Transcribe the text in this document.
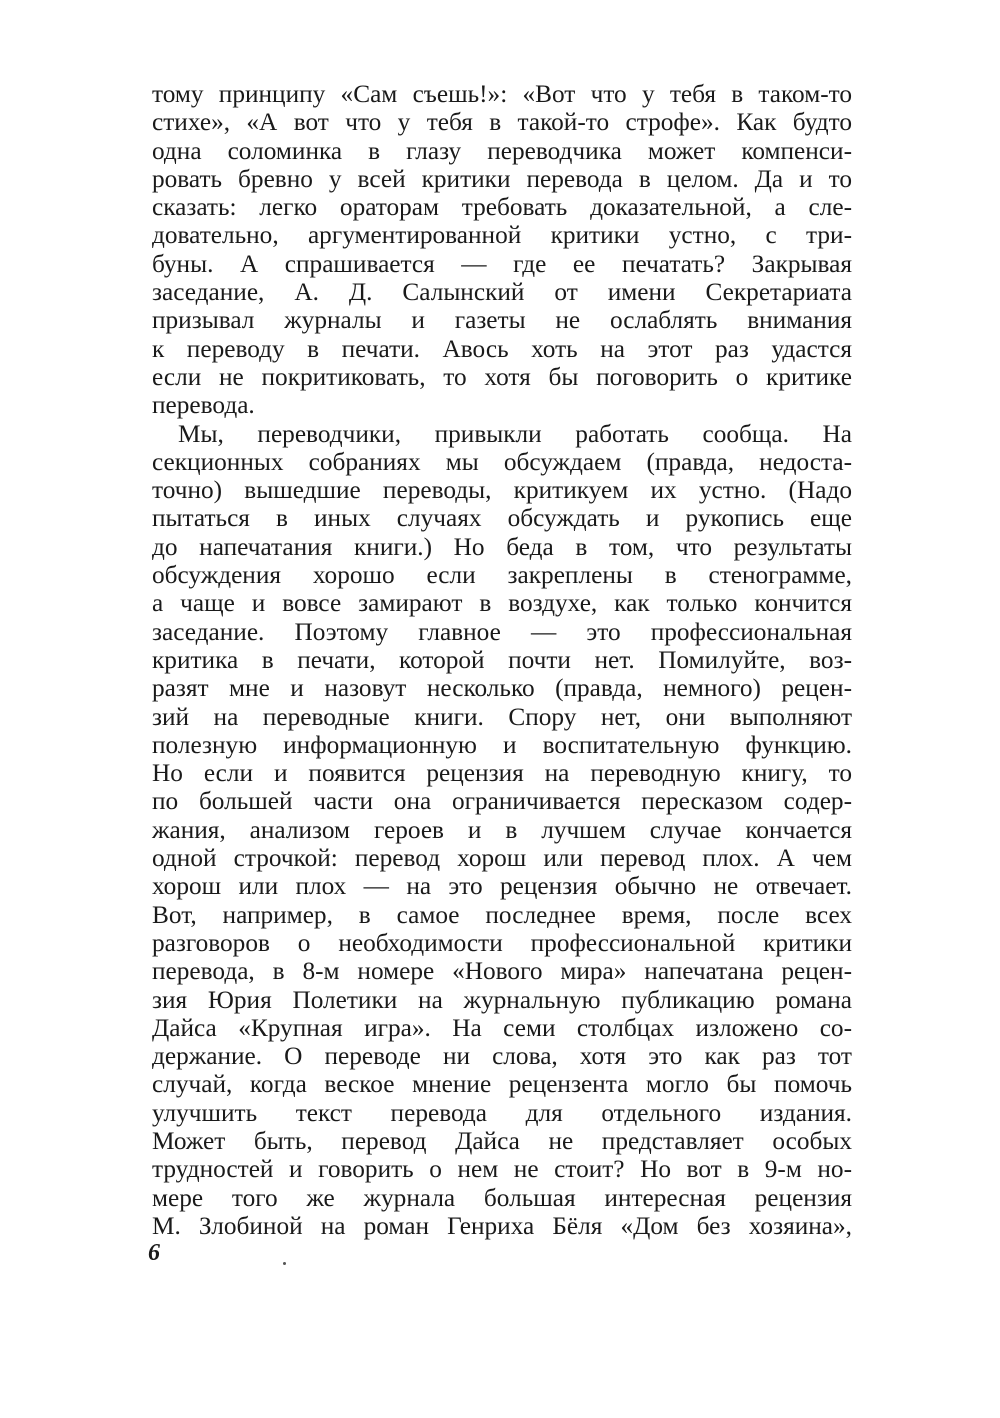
тому принципу «Сам съешь!»: «Вот что у тебя в таком-то
стихе», «А вот что у тебя в такой-то строфе». Как будто
одна соломинка в глазу переводчика может компенси-
ровать бревно у всей критики перевода в целом. Да и то
сказать: легко ораторам требовать доказательной, а сле-
довательно, аргументированной критики устно, с три-
буны. А спрашивается — где ее печатать? Закрывая
заседание, А. Д. Салынский от имени Секретариата
призывал журналы и газеты не ослаблять внимания
к переводу в печати. Авось хоть на этот раз удастся
если не покритиковать, то хотя бы поговорить о критике
перевода.
Мы, переводчики, привыкли работать сообща. На
секционных собраниях мы обсуждаем (правда, недоста-
точно) вышедшие переводы, критикуем их устно. (Надо
пытаться в иных случаях обсуждать и рукопись еще
до напечатания книги.) Но беда в том, что результаты
обсуждения хорошо если закреплены в стенограмме,
а чаще и вовсе замирают в воздухе, как только кончится
заседание. Поэтому главное — это профессиональная
критика в печати, которой почти нет. Помилуйте, воз-
разят мне и назовут несколько (правда, немного) рецен-
зий на переводные книги. Спору нет, они выполняют
полезную информационную и воспитательную функцию.
Но если и появится рецензия на переводную книгу, то
по большей части она ограничивается пересказом содер-
жания, анализом героев и в лучшем случае кончается
одной строчкой: перевод хорош или перевод плох. А чем
хорош или плох — на это рецензия обычно не отвечает.
Вот, например, в самое последнее время, после всех
разговоров о необходимости профессиональной критики
перевода, в 8-м номере «Нового мира» напечатана рецен-
зия Юрия Полетики на журнальную публикацию романа
Дайса «Крупная игра». На семи столбцах изложено со-
держание. О переводе ни слова, хотя это как раз тот
случай, когда веское мнение рецензента могло бы помочь
улучшить текст перевода для отдельного издания.
Может быть, перевод Дайса не представляет особых
трудностей и говорить о нем не стоит? Но вот в 9-м но-
мере того же журнала большая интересная рецензия
М. Злобиной на роман Генриха Бёля «Дом без хозяина»,
6
